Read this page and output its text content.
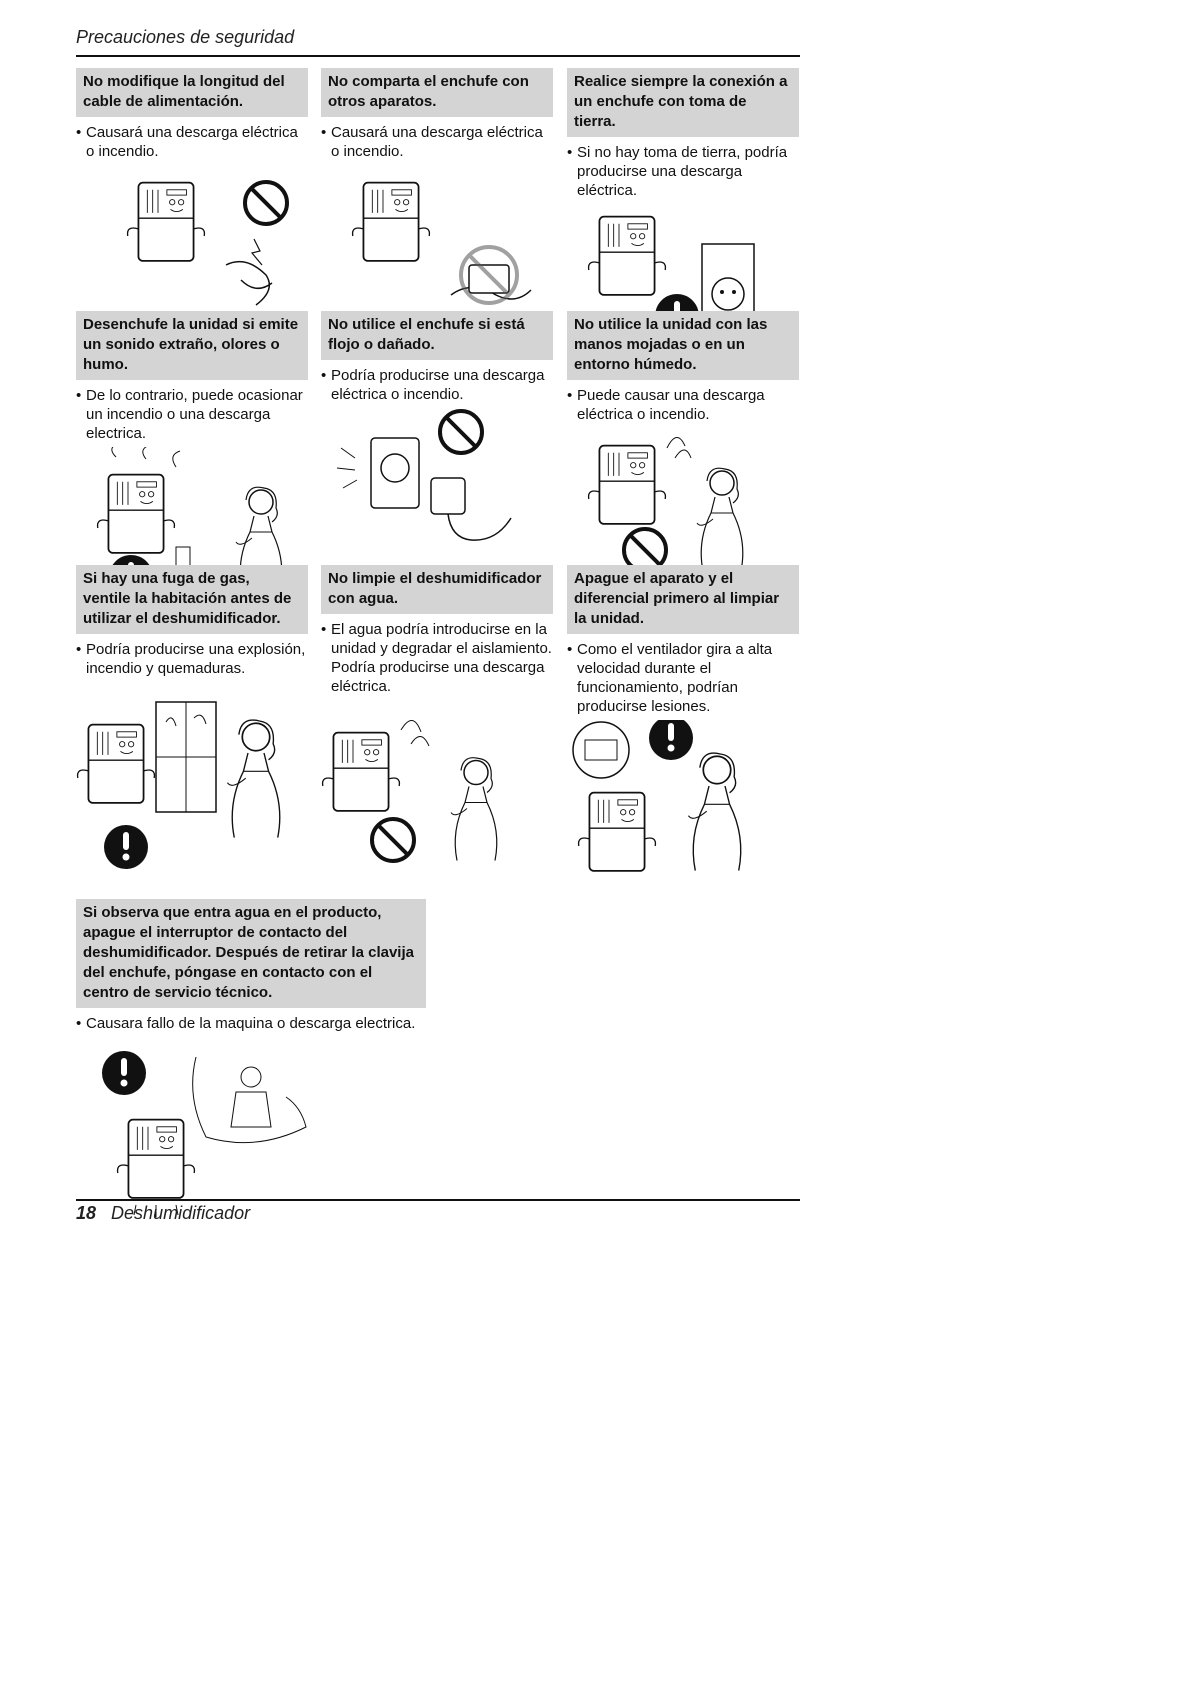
Precauciones de seguridad
No modifique la longitud del cable de alimentación.
• Causará una descarga eléctrica o incendio.
No comparta el enchufe con otros aparatos.
• Causará una descarga eléctrica o incendio.
Realice siempre la conexión a un enchufe con toma de tierra.
• Si no hay toma de tierra, podría producirse una descarga eléctrica.
Desenchufe la unidad si emite un sonido extraño, olores o humo.
• De lo contrario, puede ocasionar un incendio o una descarga electrica.
No utilice el enchufe si está flojo o dañado.
• Podría producirse una descarga eléctrica o incendio.
No utilice la unidad con las manos mojadas o en un entorno húmedo.
• Puede causar una descarga eléctrica o incendio.
Si hay una fuga de gas, ventile la habitación antes de utilizar el deshumidificador.
• Podría producirse una explosión, incendio y quemaduras.
No limpie el deshumidificador con agua.
• El agua podría introducirse en la unidad y degradar el aislamiento. Podría producirse una descarga eléctrica.
Apague el aparato y el diferencial primero al limpiar la unidad.
• Como el ventilador gira a alta velocidad durante el funcionamiento, podrían producirse lesiones.
Si observa que entra agua en el producto, apague el interruptor de contacto del deshumidificador. Después de retirar la clavija del enchufe, póngase en contacto con el centro de servicio técnico.
• Causara fallo de la maquina o descarga electrica.
18 Deshumidificador
